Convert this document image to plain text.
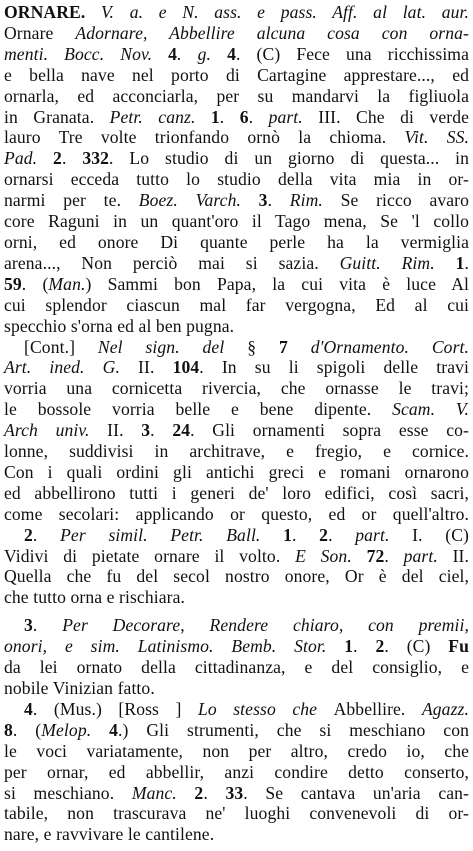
ORNARE. V. a. e N. ass. e pass. Aff. al lat. aur.
Ornare Adornare, Abbellire alcuna cosa con orna-
menti. Bocc. Nov. 4. g. 4. (C) Fece una ricchissima
e bella nave nel porto di Cartagine apprestare..., ed
ornarla, ed acconciarla, per su mandarvi la figliuola
in Granata. Petr. canz. 1. 6. part. III. Che di verde
lauro Tre volte trionfando ornò la chioma. Vit. SS.
Pad. 2. 332. Lo studio di un giorno di questa... in
ornarsi ecceda tutto lo studio della vita mia in or-
narmi per te. Boez. Varch. 3. Rim. Se ricco avaro
core Raguni in un quant'oro il Tago mena, Se 'l collo
orni, ed onore Di quante perle ha la vermiglia
arena..., Non perciò mai si sazia. Guitt. Rim. 1.
59. (Man.) Sammi bon Papa, la cui vita è luce Al
cui splendor ciascun mal far vergogna, Ed al cui
specchio s'orna ed al ben pugna.
[Cont.] Nel sign. del § 7 d'Ornamento. Cort.
Art. ined. G. II. 104. In su li spigoli delle travi
vorria una cornicetta rivercia, che ornasse le travi;
le bossole vorria belle e bene dipente. Scam. V.
Arch univ. II. 3. 24. Gli ornamenti sopra esse co-
lonne, suddivisi in architrave, e fregio, e cornice.
Con i quali ordini gli antichi greci e romani ornarono
ed abbellirono tutti i generi de' loro edifici, così sacri,
come secolari: applicando or questo, ed or quell'altro.
2. Per simil. Petr. Ball. 1. 2. part. I. (C)
Vidivi di pietate ornare il volto. E Son. 72. part. II.
Quella che fu del secol nostro onore, Or è del ciel,
che tutto orna e rischiara.
3. Per Decorare, Rendere chiaro, con premii,
onori, e sim. Latinismo. Bemb. Stor. 1. 2. (C) Fu
da lei ornato della cittadinanza, e del consiglio, e
nobile Vinizian fatto.
4. (Mus.) [Ross ] Lo stesso che Abbellire. Agazz.
8. (Melop. 4.) Gli strumenti, che si meschiano con
le voci variatamente, non per altro, credo io, che
per ornar, ed abbellir, anzi condire detto conserto,
si meschiano. Manc. 2. 33. Se cantava un'aria can-
tabile, non trascurava ne' luoghi convenevoli di or-
nare, e ravvivare le cantilene.
